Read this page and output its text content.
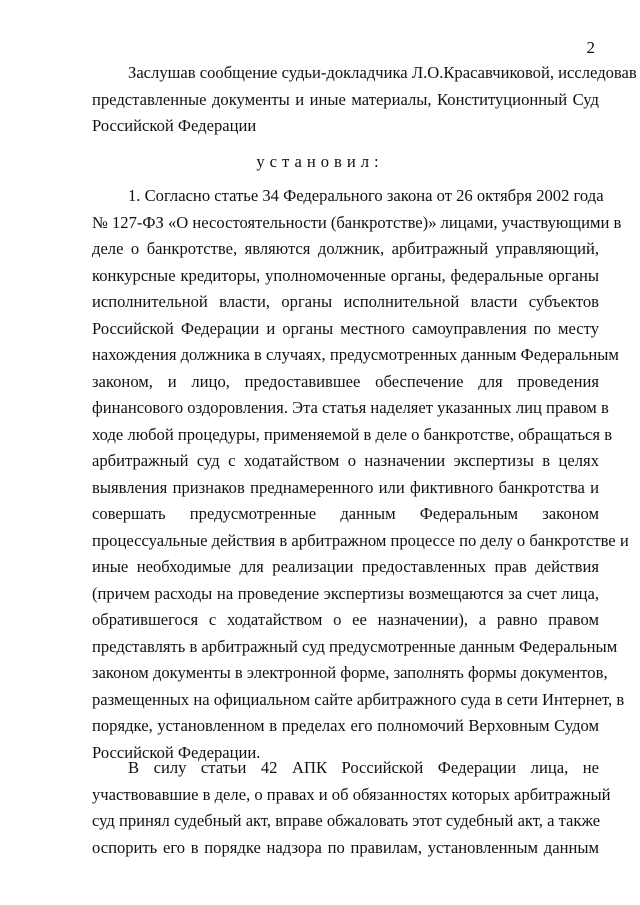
2
Заслушав сообщение судьи-докладчика Л.О.Красавчиковой, исследовав
представленные документы и иные материалы, Конституционный Суд
Российской Федерации
установил:
1. Согласно статье 34 Федерального закона от 26 октября 2002 года
№ 127-ФЗ «О несостоятельности (банкротстве)» лицами, участвующими в
деле о банкротстве, являются должник, арбитражный управляющий,
конкурсные кредиторы, уполномоченные органы, федеральные органы
исполнительной власти, органы исполнительной власти субъектов
Российской Федерации и органы местного самоуправления по месту
нахождения должника в случаях, предусмотренных данным Федеральным
законом, и лицо, предоставившее обеспечение для проведения
финансового оздоровления. Эта статья наделяет указанных лиц правом в
ходе любой процедуры, применяемой в деле о банкротстве, обращаться в
арбитражный суд с ходатайством о назначении экспертизы в целях
выявления признаков преднамеренного или фиктивного банкротства и
совершать предусмотренные данным Федеральным законом
процессуальные действия в арбитражном процессе по делу о банкротстве и
иные необходимые для реализации предоставленных прав действия
(причем расходы на проведение экспертизы возмещаются за счет лица,
обратившегося с ходатайством о ее назначении), а равно правом
представлять в арбитражный суд предусмотренные данным Федеральным
законом документы в электронной форме, заполнять формы документов,
размещенных на официальном сайте арбитражного суда в сети Интернет, в
порядке, установленном в пределах его полномочий Верховным Судом
Российской Федерации.
В силу статьи 42 АПК Российской Федерации лица, не
участвовавшие в деле, о правах и об обязанностях которых арбитражный
суд принял судебный акт, вправе обжаловать этот судебный акт, а также
оспорить его в порядке надзора по правилам, установленным данным
